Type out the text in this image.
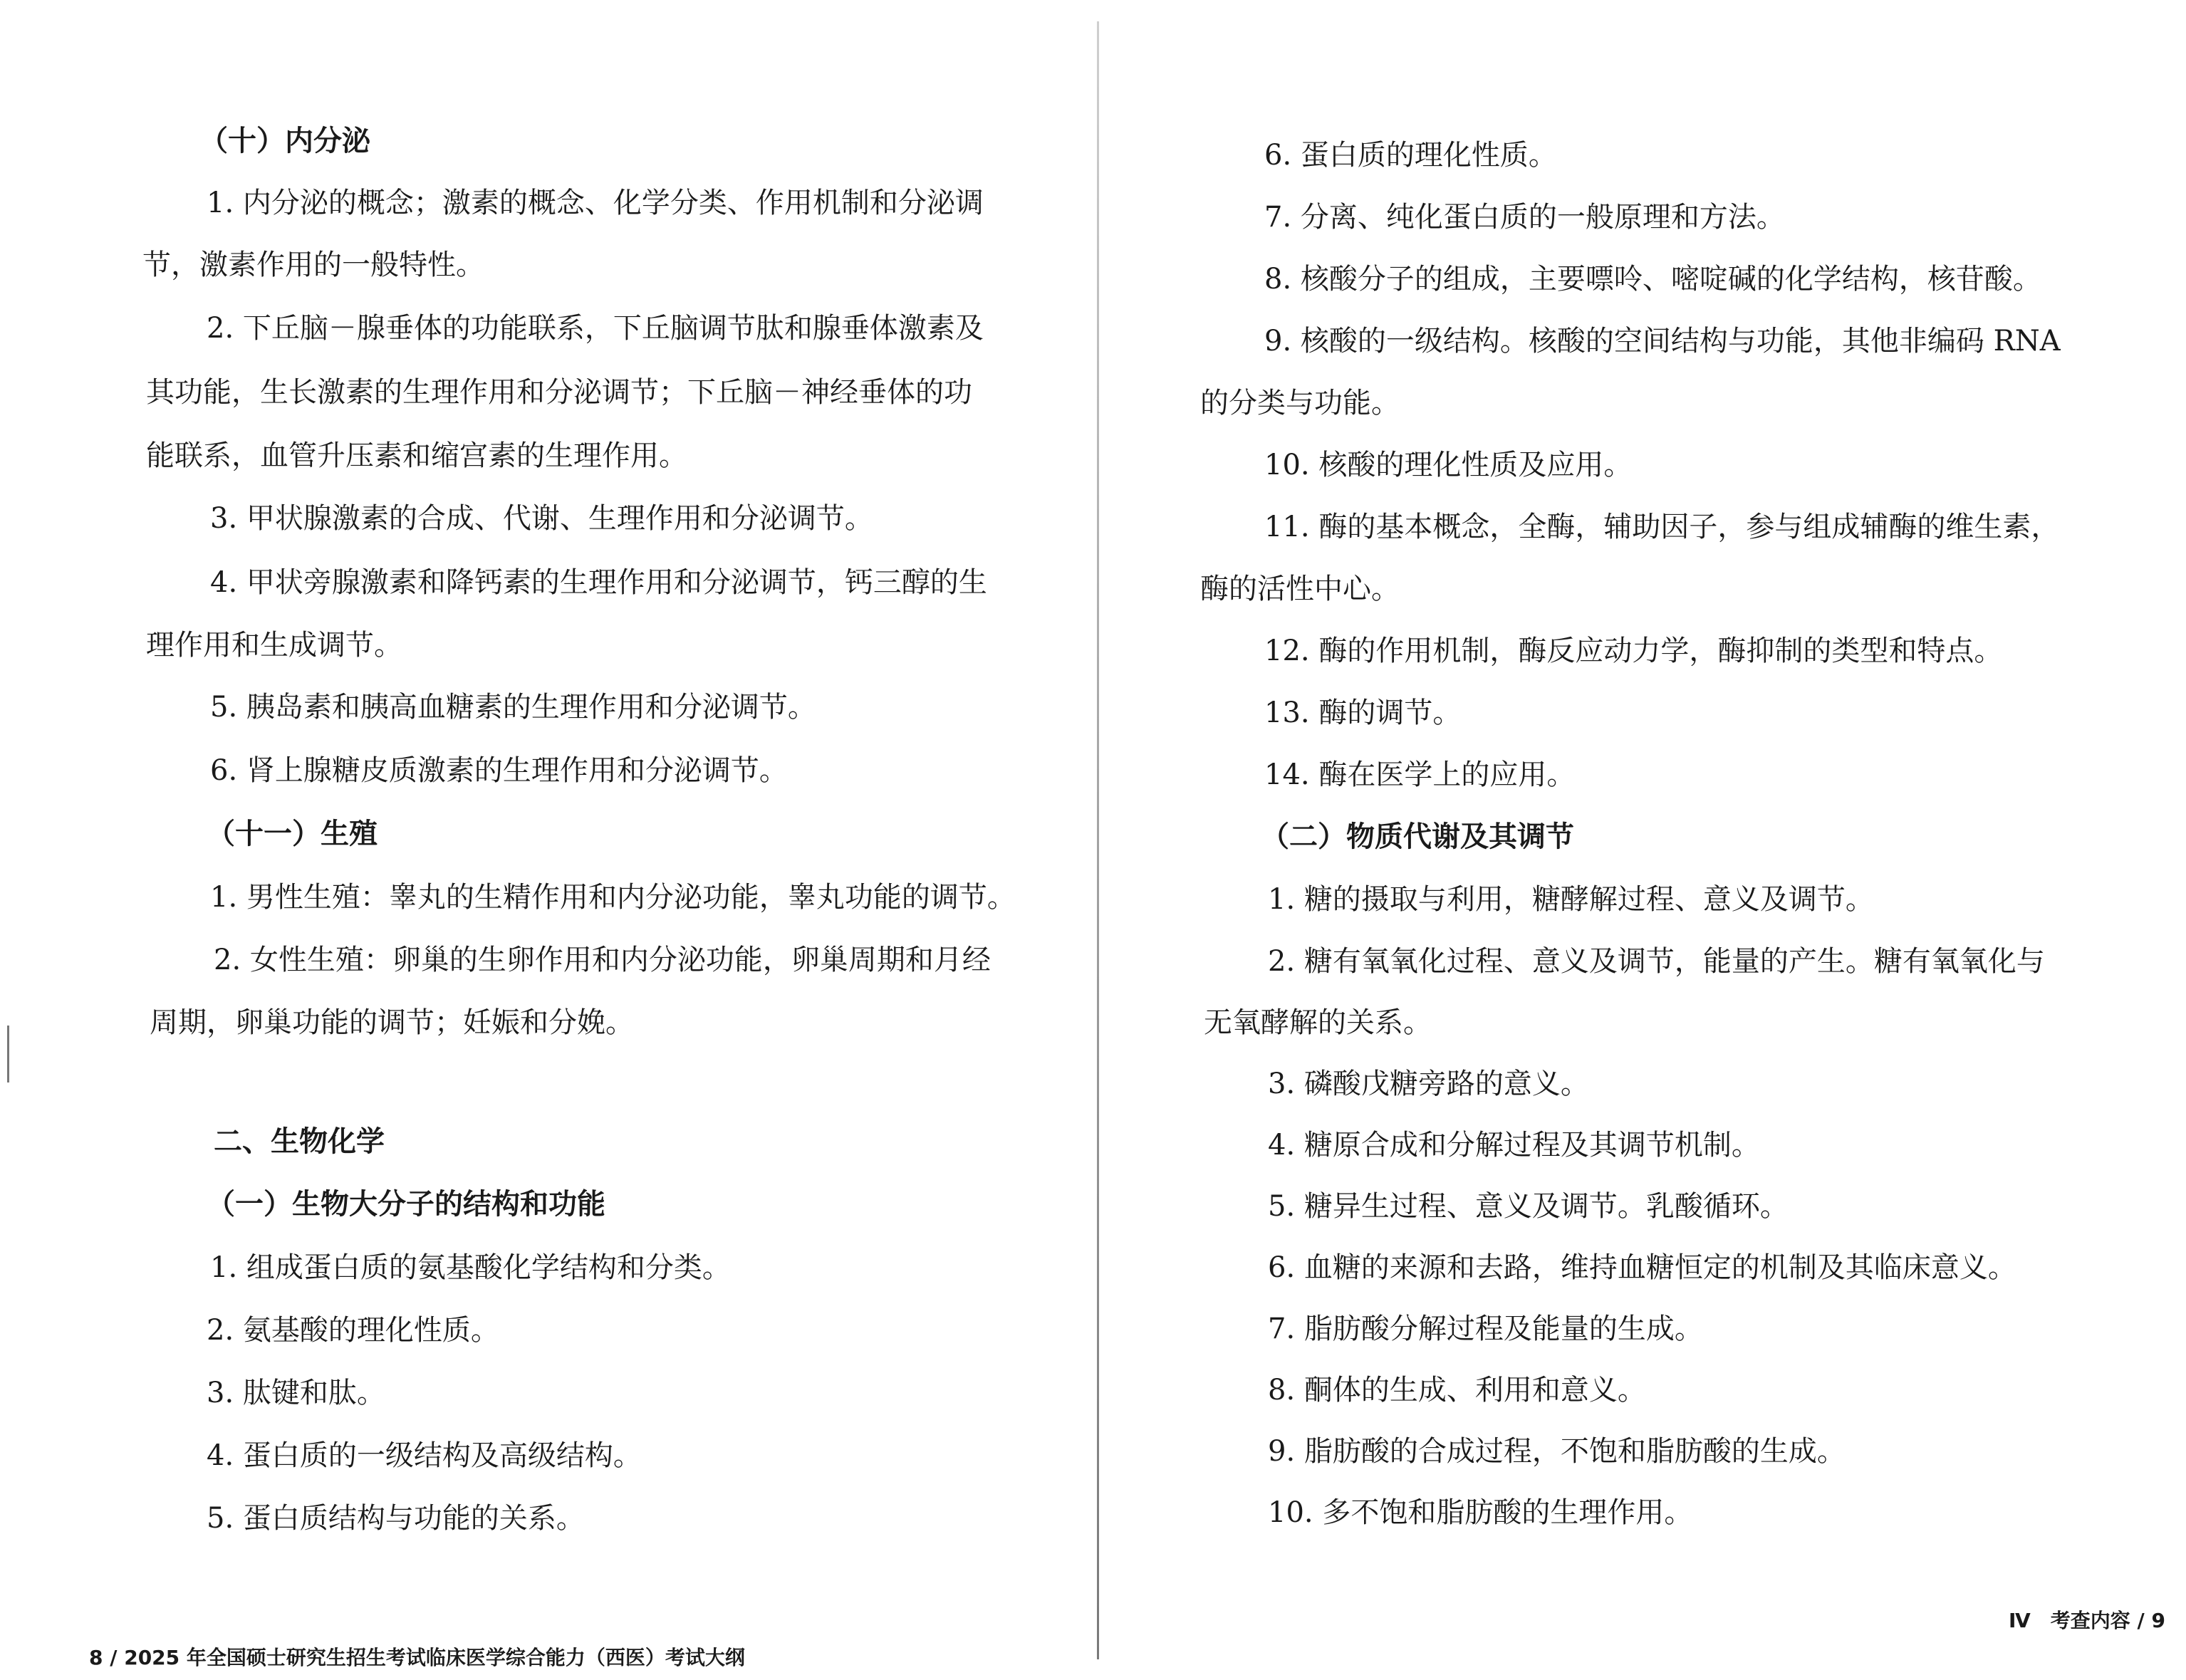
（十）内分泌
1. 内分泌的概念；激素的概念、化学分类、作用机制和分泌调
节，激素作用的一般特性。
2. 下丘脑－腺垂体的功能联系，下丘脑调节肽和腺垂体激素及
其功能，生长激素的生理作用和分泌调节；下丘脑－神经垂体的功
能联系，血管升压素和缩宫素的生理作用。
3. 甲状腺激素的合成、代谢、生理作用和分泌调节。
4. 甲状旁腺激素和降钙素的生理作用和分泌调节，钙三醇的生
理作用和生成调节。
5. 胰岛素和胰高血糖素的生理作用和分泌调节。
6. 肾上腺糖皮质激素的生理作用和分泌调节。
（十一）生殖
1. 男性生殖：睾丸的生精作用和内分泌功能，睾丸功能的调节。
2. 女性生殖：卵巢的生卵作用和内分泌功能，卵巢周期和月经
周期，卵巢功能的调节；妊娠和分娩。
二、生物化学
（一）生物大分子的结构和功能
1. 组成蛋白质的氨基酸化学结构和分类。
2. 氨基酸的理化性质。
3. 肽键和肽。
4. 蛋白质的一级结构及高级结构。
5. 蛋白质结构与功能的关系。
8 / 2025 年全国硕士研究生招生考试临床医学综合能力（西医）考试大纲
6. 蛋白质的理化性质。
7. 分离、纯化蛋白质的一般原理和方法。
8. 核酸分子的组成，主要嘌呤、嘧啶碱的化学结构，核苷酸。
9. 核酸的一级结构。核酸的空间结构与功能，其他非编码 RNA
的分类与功能。
10. 核酸的理化性质及应用。
11. 酶的基本概念，全酶，辅助因子，参与组成辅酶的维生素，
酶的活性中心。
12. 酶的作用机制，酶反应动力学，酶抑制的类型和特点。
13. 酶的调节。
14. 酶在医学上的应用。
（二）物质代谢及其调节
1. 糖的摄取与利用，糖酵解过程、意义及调节。
2. 糖有氧氧化过程、意义及调节，能量的产生。糖有氧氧化与
无氧酵解的关系。
3. 磷酸戊糖旁路的意义。
4. 糖原合成和分解过程及其调节机制。
5. 糖异生过程、意义及调节。乳酸循环。
6. 血糖的来源和去路，维持血糖恒定的机制及其临床意义。
7. 脂肪酸分解过程及能量的生成。
8. 酮体的生成、利用和意义。
9. 脂肪酸的合成过程，不饱和脂肪酸的生成。
10. 多不饱和脂肪酸的生理作用。
Ⅳ　考查内容 / 9
